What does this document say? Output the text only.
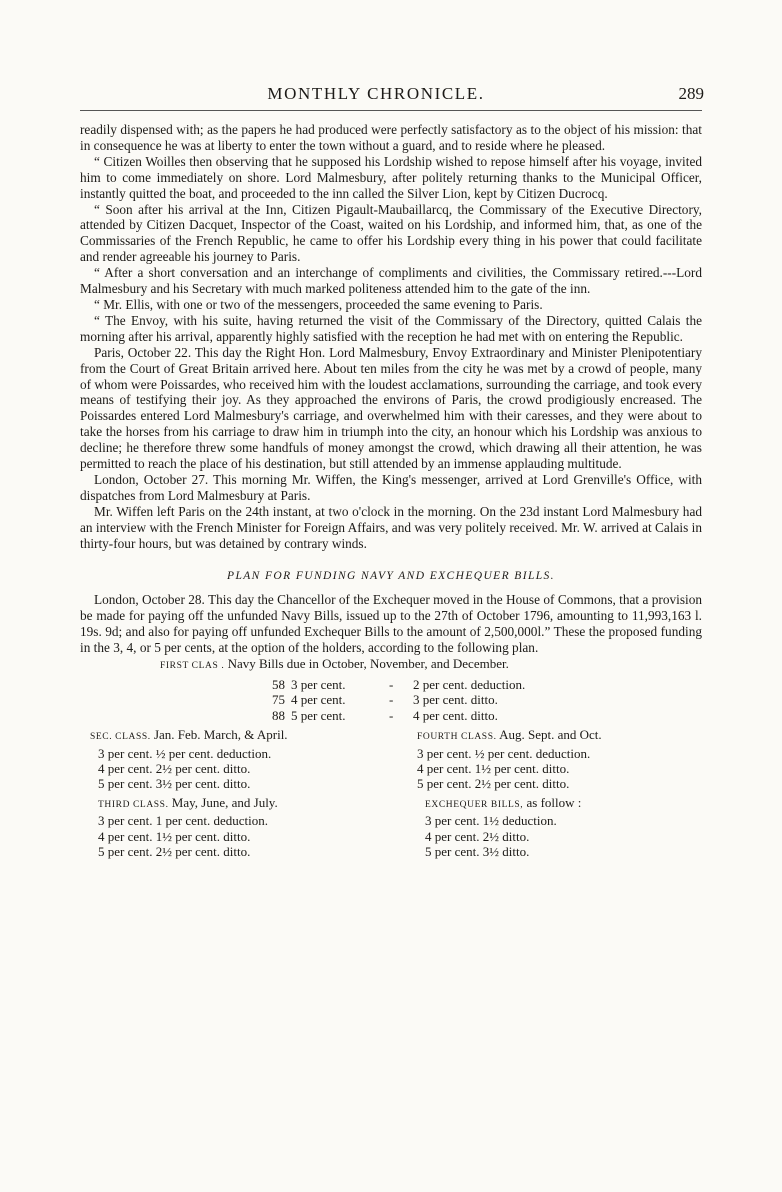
MONTHLY CHRONICLE.	289

readily dispensed with; as the papers he had produced were perfectly satisfactory as to the object of his mission: that in consequence he was at liberty to enter the town without a guard, and to reside where he pleased.

“ Citizen Woilles then observing that he supposed his Lordship wished to repose himself after his voyage, invited him to come immediately on shore. Lord Malmesbury, after politely returning thanks to the Municipal Officer, instantly quitted the boat, and proceeded to the inn called the Silver Lion, kept by Citizen Ducrocq.

“ Soon after his arrival at the Inn, Citizen Pigault-Maubaillarcq, the Commissary of the Executive Directory, attended by Citizen Dacquet, Inspector of the Coast, waited on his Lordship, and informed him, that, as one of the Commissaries of the French Republic, he came to offer his Lordship every thing in his power that could facilitate and render agreeable his journey to Paris.

“ After a short conversation and an interchange of compliments and civilities, the Commissary retired.---Lord Malmesbury and his Secretary with much marked politeness attended him to the gate of the inn.

“ Mr. Ellis, with one or two of the messengers, proceeded the same evening to Paris.

“ The Envoy, with his suite, having returned the visit of the Commissary of the Directory, quitted Calais the morning after his arrival, apparently highly satisfied with the reception he had met with on entering the Republic.

Paris, October 22. This day the Right Hon. Lord Malmesbury, Envoy Extraordinary and Minister Plenipotentiary from the Court of Great Britain arrived here. About ten miles from the city he was met by a crowd of people, many of whom were Poissardes, who received him with the loudest acclamations, surrounding the carriage, and took every means of testifying their joy. As they approached the environs of Paris, the crowd prodigiously encreased. The Poissardes entered Lord Malmesbury's carriage, and overwhelmed him with their caresses, and they were about to take the horses from his carriage to draw him in triumph into the city, an honour which his Lordship was anxious to decline; he therefore threw some handfuls of money amongst the crowd, which drawing all their attention, he was permitted to reach the place of his destination, but still attended by an immense applauding multitude.

London, October 27. This morning Mr. Wiffen, the King's messenger, arrived at Lord Grenville's Office, with dispatches from Lord Malmesbury at Paris.

Mr. Wiffen left Paris on the 24th instant, at two o'clock in the morning. On the 23d instant Lord Malmesbury had an interview with the French Minister for Foreign Affairs, and was very politely received. Mr. W. arrived at Calais in thirty-four hours, but was detained by contrary winds.

PLAN FOR FUNDING NAVY AND EXCHEQUER BILLS.

London, October 28. This day the Chancellor of the Exchequer moved in the House of Commons, that a provision be made for paying off the unfunded Navy Bills, issued up to the 27th of October 1796, amounting to 11,993,163 l. 19s. 9d; and also for paying off unfunded Exchequer Bills to the amount of 2,500,000l.” These the proposed funding in the 3, 4, or 5 per cents, at the option of the holders, according to the following plan.

FIRST CLAS . Navy Bills due in October, November, and December.
58	3 per cent.	-	2 per cent. deduction.
75	4 per cent.	-	3 per cent. ditto.
88	5 per cent.	-	4 per cent. ditto.
SEC. CLASS. Jan. Feb. March, & April.
3 per cent. ½ per cent. deduction.
4 per cent. 2½ per cent. ditto.
5 per cent. 3½ per cent. ditto.
THIRD CLASS. May, June, and July.
3 per cent. 1 per cent. deduction.
4 per cent. 1½ per cent. ditto.
5 per cent. 2½ per cent. ditto.
FOURTH CLASS. Aug. Sept. and Oct.
3 per cent. ½ per cent. deduction.
4 per cent. 1½ per cent. ditto.
5 per cent. 2½ per cent. ditto.
EXCHEQUER BILLS, as follow :
3 per cent. 1½ deduction.
4 per cent. 2½ ditto.
5 per cent. 3½ ditto.
